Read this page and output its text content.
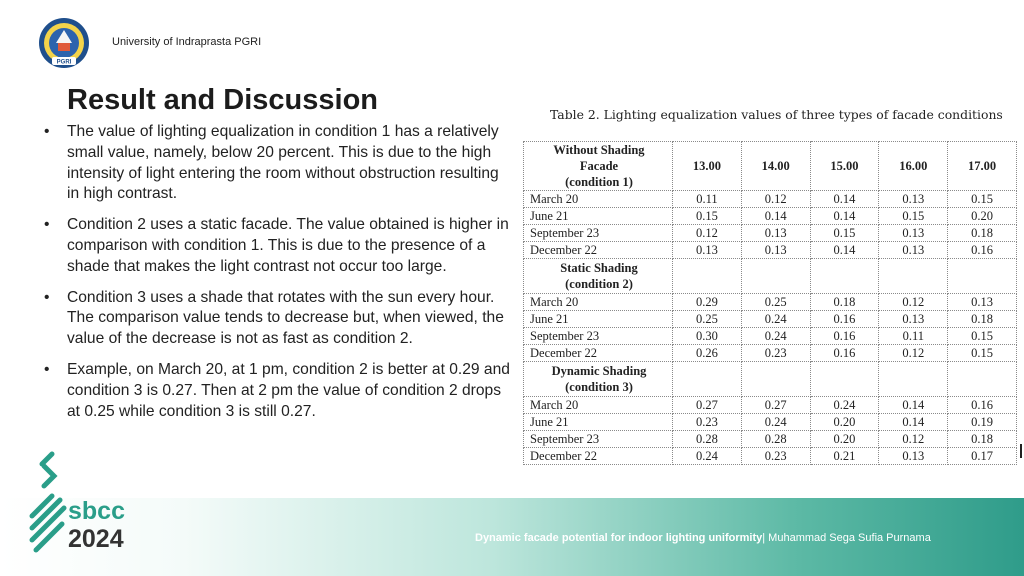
PGRI
University of Indraprasta PGRI
Result and Discussion
• The value of lighting equalization in condition 1 has a relatively small value, namely, below 20 percent. This is due to the high intensity of light entering the room without obstruction resulting in high contrast.
• Condition 2 uses a static facade. The value obtained is higher in comparison with condition 1. This is due to the presence of a shade that makes the light contrast not occur too large.
• Condition 3 uses a shade that rotates with the sun every hour. The comparison value tends to decrease but, when viewed, the value of the decrease is not as fast as condition 2.
• Example, on March 20, at 1 pm, condition 2 is better at 0.29 and condition 3 is 0.27. Then at 2 pm the value of condition 2 drops at 0.25 while condition 3 is still 0.27.
Table 2. Lighting equalization values of three types of facade conditions
Without Shading
Facade
(condition 1)	13.00	14.00	15.00	16.00	17.00
March 20	0.11	0.12	0.14	0.13	0.15
June 21	0.15	0.14	0.14	0.15	0.20
September 23	0.12	0.13	0.15	0.13	0.18
December 22	0.13	0.13	0.14	0.13	0.16
Static Shading
(condition 2)					
March 20	0.29	0.25	0.18	0.12	0.13
June 21	0.25	0.24	0.16	0.13	0.18
September 23	0.30	0.24	0.16	0.11	0.15
December 22	0.26	0.23	0.16	0.12	0.15
Dynamic Shading
(condition 3)					
March 20	0.27	0.27	0.24	0.14	0.16
June 21	0.23	0.24	0.20	0.14	0.19
September 23	0.28	0.28	0.20	0.12	0.18
December 22	0.24	0.23	0.21	0.13	0.17
sbcc
2024	Dynamic facade potential for indoor lighting uniformity| Muhammad Sega Sufia Purnama
